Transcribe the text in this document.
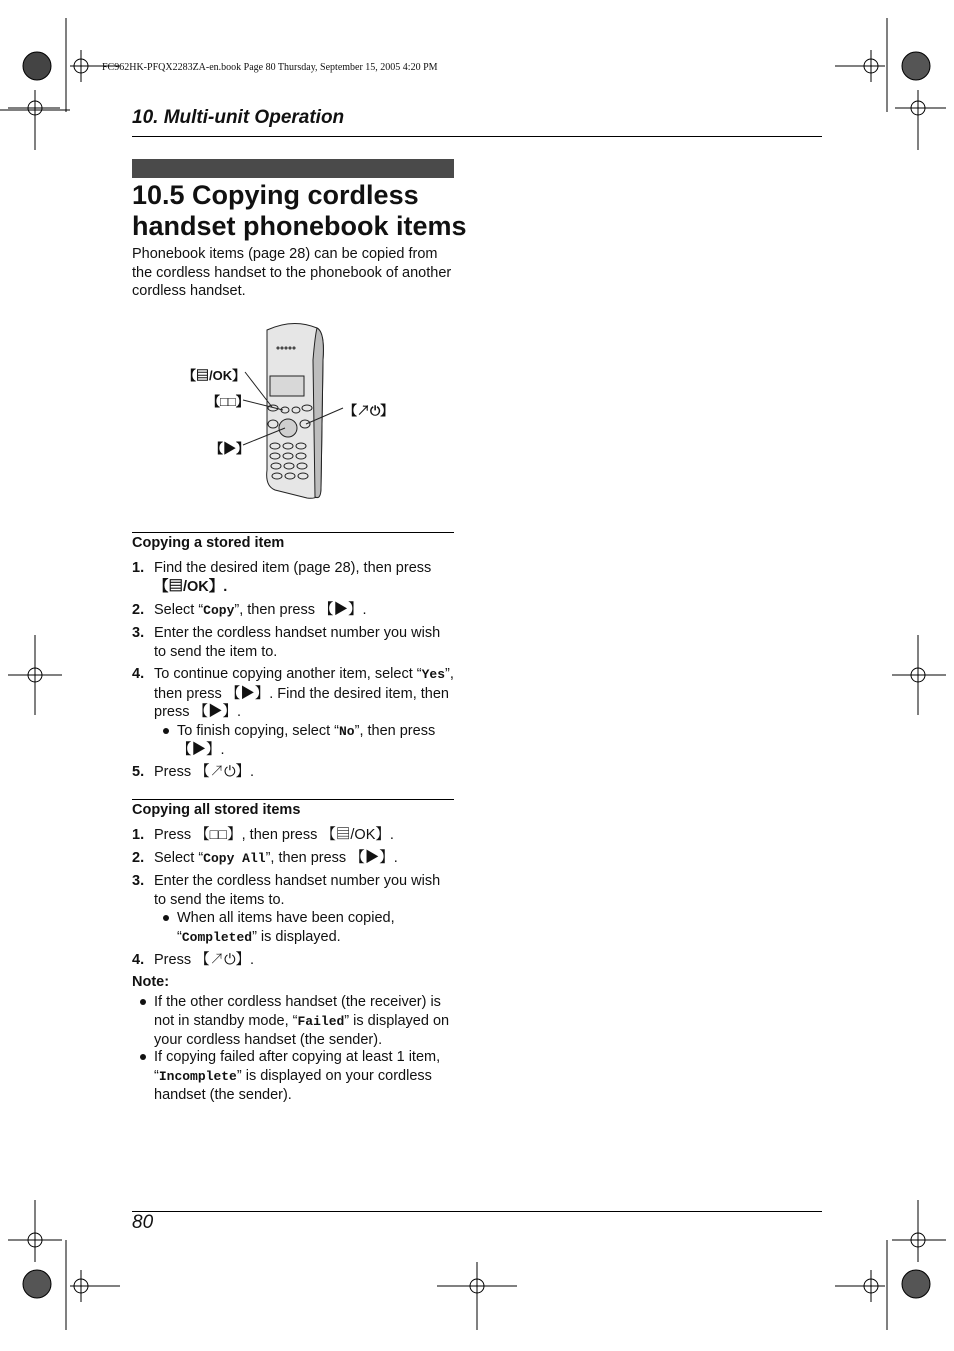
FC962HK-PFQX2283ZA-en.book Page 80 Thursday, September 15, 2005 4:20 PM
10. Multi-unit Operation
10.5 Copying cordless
handset phonebook items
Phonebook items (page 28) can be copied from the cordless handset to the phonebook of another cordless handset.
【▤/OK】
【□□】
【▶】
【↗⏻】
Copying a stored item
1. Find the desired item (page 28), then press
【▤/OK】.
2. Select “Copy”, then press 【▶】.
3. Enter the cordless handset number you wish to send the item to.
4. To continue copying another item, select “Yes”, then press 【▶】. Find the desired item, then press 【▶】.
To finish copying, select “No”, then press 【▶】.
5. Press 【↗⏻】.
Copying all stored items
1. Press 【□□】, then press 【▤/OK】.
2. Select “Copy All”, then press 【▶】.
3. Enter the cordless handset number you wish to send the items to.
When all items have been copied, “Completed” is displayed.
4. Press 【↗⏻】.
Note:
If the other cordless handset (the receiver) is not in standby mode, “Failed” is displayed on your cordless handset (the sender).
If copying failed after copying at least 1 item, “Incomplete” is displayed on your cordless handset (the sender).
80
